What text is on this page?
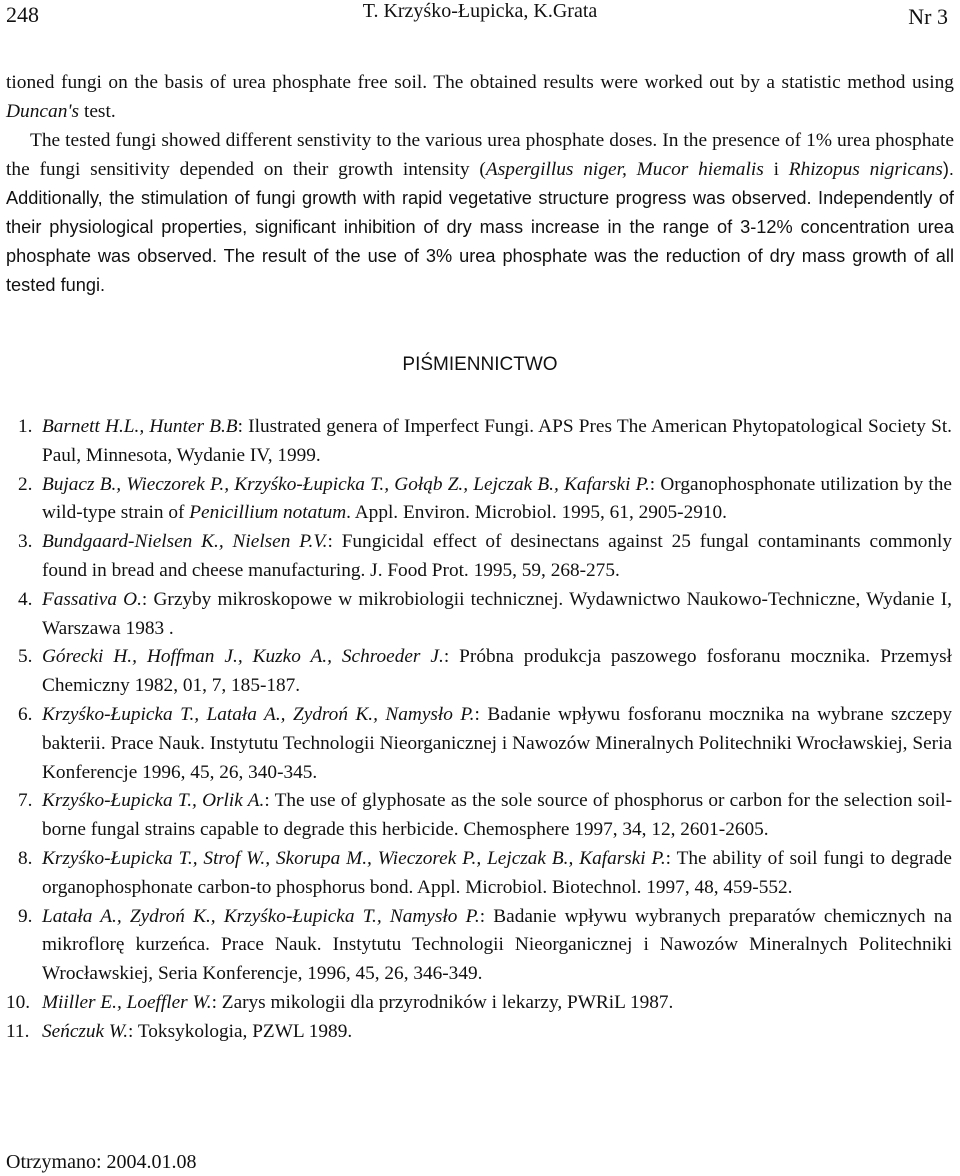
248	T. Krzyśko-Łupicka, K.Grata	Nr 3

tioned fungi on the basis of urea phosphate free soil. The obtained results were worked out by a statistic method using Duncan's test.

The tested fungi showed different senstivity to the various urea phosphate doses. In the presence of 1% urea phosphate the fungi sensitivity depended on their growth intensity (Aspergillus niger, Mucor hiemalis i Rhizopus nigricans). Additionally, the stimulation of fungi growth with rapid vegetative structure progress was observed. Independently of their physiological properties, significant inhibition of dry mass increase in the range of 3-12% concentration urea phosphate was observed. The result of the use of 3% urea phosphate was the reduction of dry mass growth of all tested fungi.

PIŚMIENNICTWO
1. Barnett H.L., Hunter B.B: Ilustrated genera of Imperfect Fungi. APS Pres The American Phytopatological Society St. Paul, Minnesota, Wydanie IV, 1999.
2. Bujacz B., Wieczorek P., Krzyśko-Łupicka T., Gołąb Z., Lejczak B., Kafarski P.: Organophosphonate utilization by the wild-type strain of Penicillium notatum. Appl. Environ. Microbiol. 1995, 61, 2905-2910.
3. Bundgaard-Nielsen K., Nielsen P.V.: Fungicidal effect of desinectans against 25 fungal contaminants commonly found in bread and cheese manufacturing. J. Food Prot. 1995, 59, 268-275.
4. Fassativa O.: Grzyby mikroskopowe w mikrobiologii technicznej. Wydawnictwo Naukowo-Techniczne, Wydanie I, Warszawa 1983 .
5. Górecki H., Hoffman J., Kuzko A., Schroeder J.: Próbna produkcja paszowego fosforanu mocznika. Przemysł Chemiczny 1982, 01, 7, 185-187.
6. Krzyśko-Łupicka T., Latała A., Zydroń K., Namysło P.: Badanie wpływu fosforanu mocznika na wybrane szczepy bakterii. Prace Nauk. Instytutu Technologii Nieorganicznej i Nawozów Mineralnych Politechniki Wrocławskiej, Seria Konferencje 1996, 45, 26, 340-345.
7. Krzyśko-Łupicka T., Orlik A.: The use of glyphosate as the sole source of phosphorus or carbon for the selection soil-borne fungal strains capable to degrade this herbicide. Chemosphere 1997, 34, 12, 2601-2605.
8. Krzyśko-Łupicka T., Strof W., Skorupa M., Wieczorek P., Lejczak B., Kafarski P.: The ability of soil fungi to degrade organophosphonate carbon-to phosphorus bond. Appl. Microbiol. Biotechnol. 1997, 48, 459-552.
9. Latała A., Zydroń K., Krzyśko-Łupicka T., Namysło P.: Badanie wpływu wybranych preparatów chemicznych na mikroflorę kurzeńca. Prace Nauk. Instytutu Technologii Nieorganicznej i Nawozów Mineralnych Politechniki Wrocławskiej, Seria Konferencje, 1996, 45, 26, 346-349.
10. Miiller E., Loeffler W.: Zarys mikologii dla przyrodników i lekarzy, PWRiL 1987.
11. Seńczuk W.: Toksykologia, PZWL 1989.
Otrzymano: 2004.01.08
